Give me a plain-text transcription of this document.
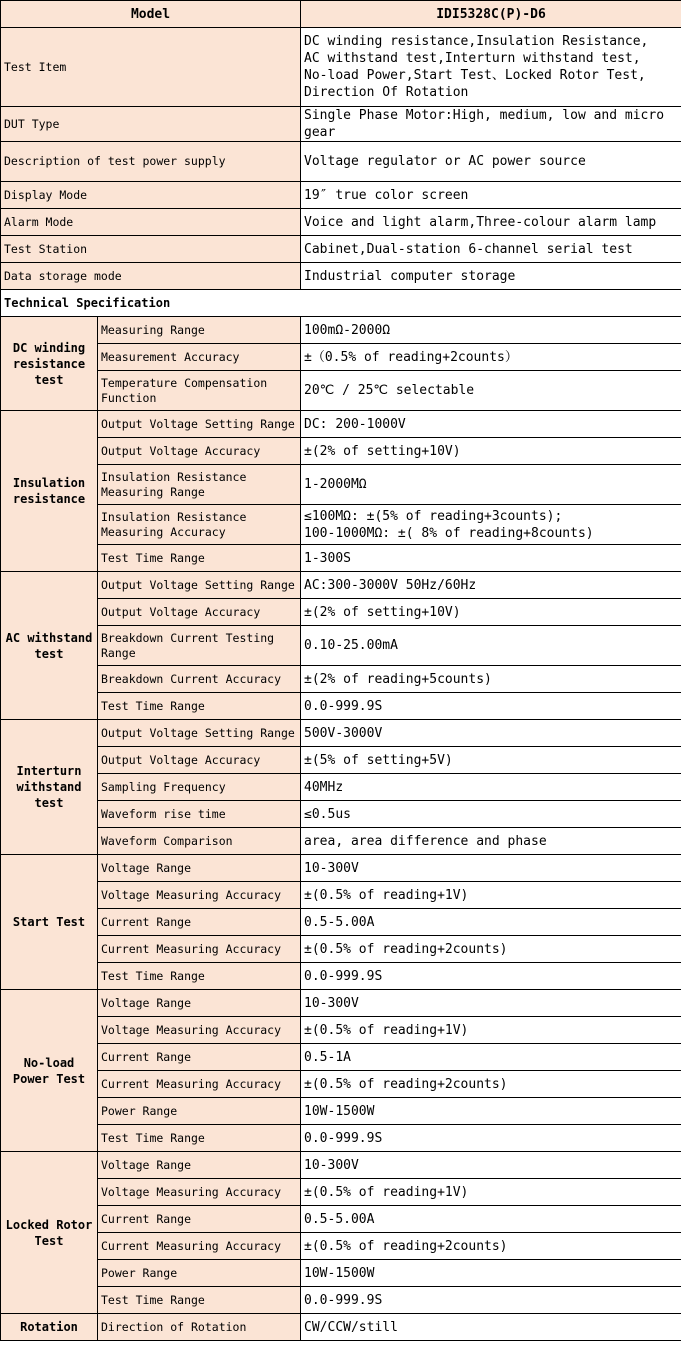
Model		IDI5328C(P)-D6
Test Item		DC winding resistance,Insulation Resistance,
AC withstand test,Interturn withstand test,
No-load Power,Start Test、Locked Rotor Test,
Direction Of Rotation
DUT Type		Single Phase Motor:High, medium, low and micro gear
Description of test power supply		Voltage regulator or AC power source
Display Mode		19″ true color screen
Alarm Mode		Voice and light alarm,Three-colour alarm lamp
Test Station		Cabinet,Dual-station 6-channel serial test
Data storage mode		Industrial computer storage
Technical Specification		
DC winding resistance test	Measuring Range	100mΩ-2000Ω
	Measurement Accuracy	±（0.5% of reading+2counts）
	Temperature Compensation Function	20℃ / 25℃ selectable
Insulation resistance	Output Voltage Setting Range	DC: 200-1000V
	Output Voltage Accuracy	±(2% of setting+10V)
	Insulation Resistance Measuring Range	1-2000MΩ
	Insulation Resistance Measuring Accuracy	≤100MΩ: ±(5% of reading+3counts);
100-1000MΩ: ±( 8% of reading+8counts)
	Test Time Range	1-300S
AC withstand test	Output Voltage Setting Range	AC:300-3000V 50Hz/60Hz
	Output Voltage Accuracy	±(2% of setting+10V)
	Breakdown Current Testing Range	0.10-25.00mA
	Breakdown Current Accuracy	±(2% of reading+5counts)
	Test Time Range	0.0-999.9S
Interturn withstand test	Output Voltage Setting Range	500V-3000V
	Output Voltage Accuracy	±(5% of setting+5V)
	Sampling Frequency	40MHz
	Waveform rise time	≤0.5us
	Waveform Comparison	area, area difference and phase
Start Test	Voltage Range	10-300V
	Voltage Measuring Accuracy	±(0.5% of reading+1V)
	Current Range	0.5-5.00A
	Current Measuring Accuracy	±(0.5% of reading+2counts)
	Test Time Range	0.0-999.9S
No-load Power Test	Voltage Range	10-300V
	Voltage Measuring Accuracy	±(0.5% of reading+1V)
	Current Range	0.5-1A
	Current Measuring Accuracy	±(0.5% of reading+2counts)
	Power Range	10W-1500W
	Test Time Range	0.0-999.9S
Locked Rotor Test	Voltage Range	10-300V
	Voltage Measuring Accuracy	±(0.5% of reading+1V)
	Current Range	0.5-5.00A
	Current Measuring Accuracy	±(0.5% of reading+2counts)
	Power Range	10W-1500W
	Test Time Range	0.0-999.9S
Rotation	Direction of Rotation	CW/CCW/still
